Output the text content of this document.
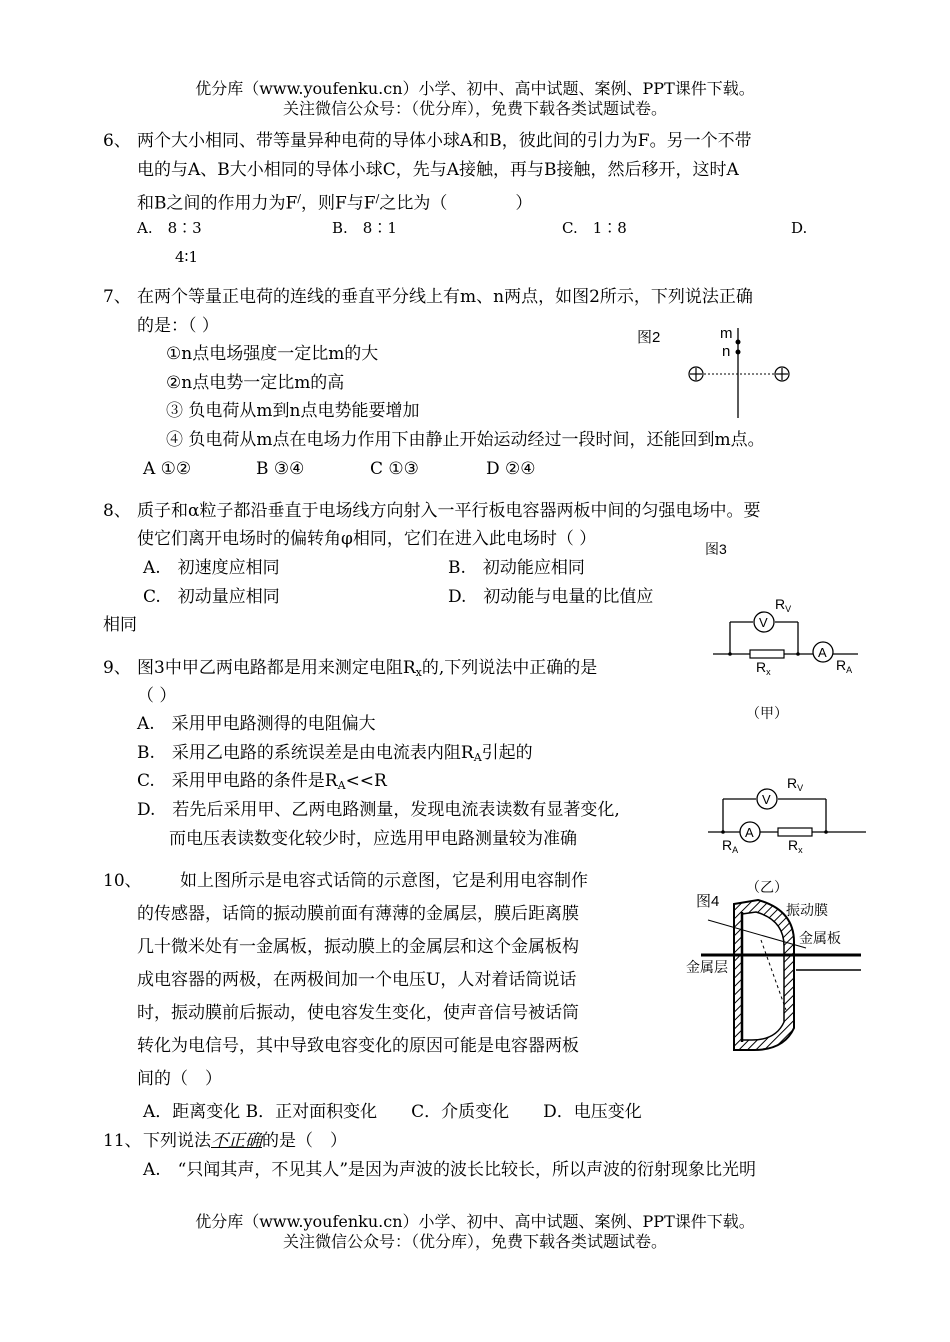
优分库（www.youfenku.cn）小学、初中、高中试题、案例、PPT课件下载。
关注微信公众号：（优分库），免费下载各类试题试卷。
6、 两个大小相同、带等量异种电荷的导体小球A和B，彼此间的引力为F。另一个不带
电的与A、B大小相同的导体小球C，先与A接触，再与B接触，然后移开，这时A
和B之间的作用力为F/，则F与F/之比为（　　　　）
A.　8∶3	B.　8∶1	C.　1∶8	D.
4∶1
7、 在两个等量正电荷的连线的垂直平分线上有m、n两点，如图2所示，下列说法正确
的是：（ ）
①n点电场强度一定比m的大
②n点电势一定比m的高
③ 负电荷从m到n点电势能要增加
④ 负电荷从m点在电场力作用下由静止开始运动经过一段时间，还能回到m点。
A ①②	B ③④	C ①③	D ②④
图2	m
n
8、 质子和α粒子都沿垂直于电场线方向射入一平行板电容器两板中间的匀强电场中。要
使它们离开电场时的偏转角φ相同，它们在进入此电场时（ ）
A.　初速度应相同	B.　初动能应相同
C.　初动量应相同	D.　初动能与电量的比值应
相同
图3
V
A
$R_V$
$R_x$	$R_A$
（甲）
A
V
$R_V$
$R_A$	$R_x$
（乙）
9、 图3中甲乙两电路都是用来测定电阻$R_x$的,下列说法中正确的是
（ ）
A.　采用甲电路测得的电阻偏大
B.　采用乙电路的系统误差是由电流表内阻$R_A$引起的
C.　采用甲电路的条件是$R_A<<R$
D.　若先后采用甲、乙两电路测量，发现电流表读数有显著变化,
而电压表读数变化较少时，应选用甲电路测量较为准确
10、 如上图所示是电容式话筒的示意图，它是利用电容制作
的传感器，话筒的振动膜前面有薄薄的金属层，膜后距离膜
几十微米处有一金属板，振动膜上的金属层和这个金属板构
成电容器的两极，在两极间加一个电压U，人对着话筒说话
时，振动膜前后振动，使电容发生变化，使声音信号被话筒
转化为电信号，其中导致电容变化的原因可能是电容器两板
间的（　）
A．距离变化 B．正对面积变化　　C．介质变化　　D．电压变化
图4	振动膜
金属板
金属层
11、 下列说法不正确的是（　）
A.　“只闻其声，不见其人”是因为声波的波长比较长，所以声波的衍射现象比光明
优分库（www.youfenku.cn）小学、初中、高中试题、案例、PPT课件下载。
关注微信公众号：（优分库），免费下载各类试题试卷。
